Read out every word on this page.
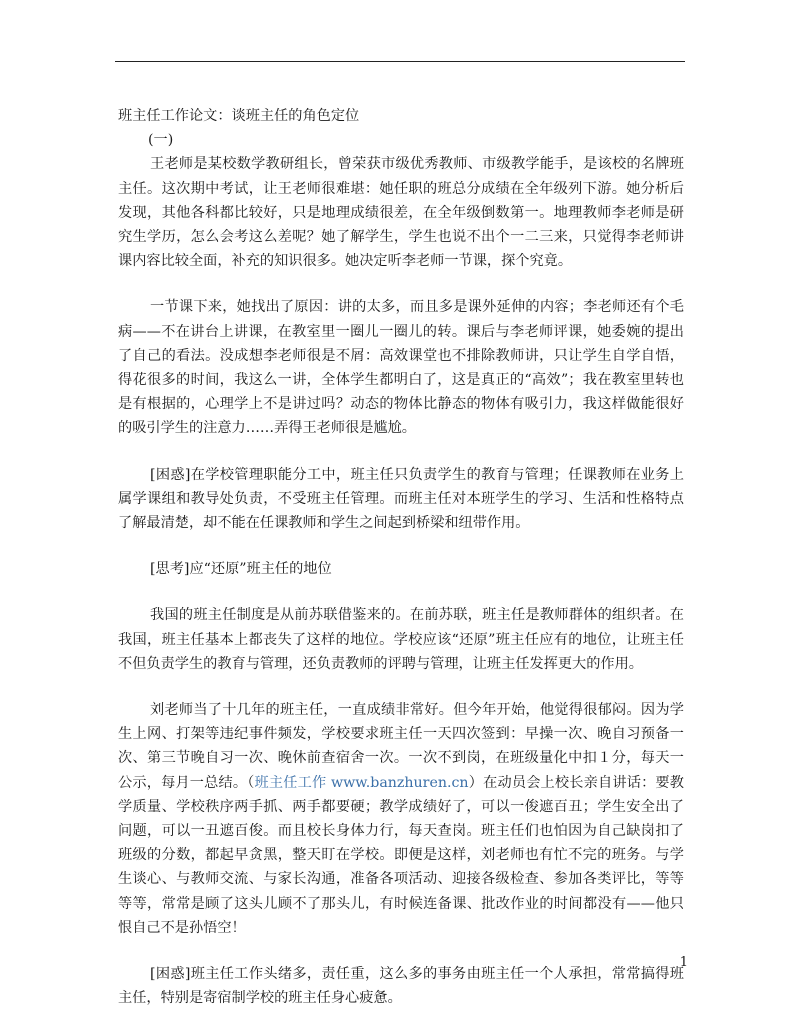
班主任工作论文：谈班主任的角色定位

(一)

王老师是某校数学教研组长，曾荣获市级优秀教师、市级教学能手，是该校的名牌班主任。这次期中考试，让王老师很难堪：她任职的班总分成绩在全年级列下游。她分析后发现，其他各科都比较好，只是地理成绩很差，在全年级倒数第一。地理教师李老师是研究生学历，怎么会考这么差呢？她了解学生，学生也说不出个一二三来，只觉得李老师讲课内容比较全面，补充的知识很多。她决定听李老师一节课，探个究竟。

一节课下来，她找出了原因：讲的太多，而且多是课外延伸的内容；李老师还有个毛病——不在讲台上讲课，在教室里一圈儿一圈儿的转。课后与李老师评课，她委婉的提出了自己的看法。没成想李老师很是不屑：高效课堂也不排除教师讲，只让学生自学自悟，得花很多的时间，我这么一讲，全体学生都明白了，这是真正的“高效”；我在教室里转也是有根据的，心理学上不是讲过吗？动态的物体比静态的物体有吸引力，我这样做能很好的吸引学生的注意力……弄得王老师很是尴尬。

[困惑]在学校管理职能分工中，班主任只负责学生的教育与管理；任课教师在业务上属学课组和教导处负责，不受班主任管理。而班主任对本班学生的学习、生活和性格特点了解最清楚，却不能在任课教师和学生之间起到桥梁和纽带作用。

[思考]应“还原”班主任的地位

我国的班主任制度是从前苏联借鉴来的。在前苏联，班主任是教师群体的组织者。在我国，班主任基本上都丧失了这样的地位。学校应该“还原”班主任应有的地位，让班主任不但负责学生的教育与管理，还负责教师的评聘与管理，让班主任发挥更大的作用。

刘老师当了十几年的班主任，一直成绩非常好。但今年开始，他觉得很郁闷。因为学生上网、打架等违纪事件频发，学校要求班主任一天四次签到：早操一次、晚自习预备一次、第三节晚自习一次、晚休前查宿舍一次。一次不到岗，在班级量化中扣１分，每天一公示，每月一总结。（班主任工作 www.banzhuren.cn）在动员会上校长亲自讲话：要教学质量、学校秩序两手抓、两手都要硬；教学成绩好了，可以一俊遮百丑；学生安全出了问题，可以一丑遮百俊。而且校长身体力行，每天查岗。班主任们也怕因为自己缺岗扣了班级的分数，都起早贪黑，整天盯在学校。即便是这样，刘老师也有忙不完的班务。与学生谈心、与教师交流、与家长沟通，准备各项活动、迎接各级检查、参加各类评比，等等等等，常常是顾了这头儿顾不了那头儿，有时候连备课、批改作业的时间都没有——他只恨自己不是孙悟空！

[困惑]班主任工作头绪多，责任重，这么多的事务由班主任一个人承担，常常搞得班主任，特别是寄宿制学校的班主任身心疲惫。

1
